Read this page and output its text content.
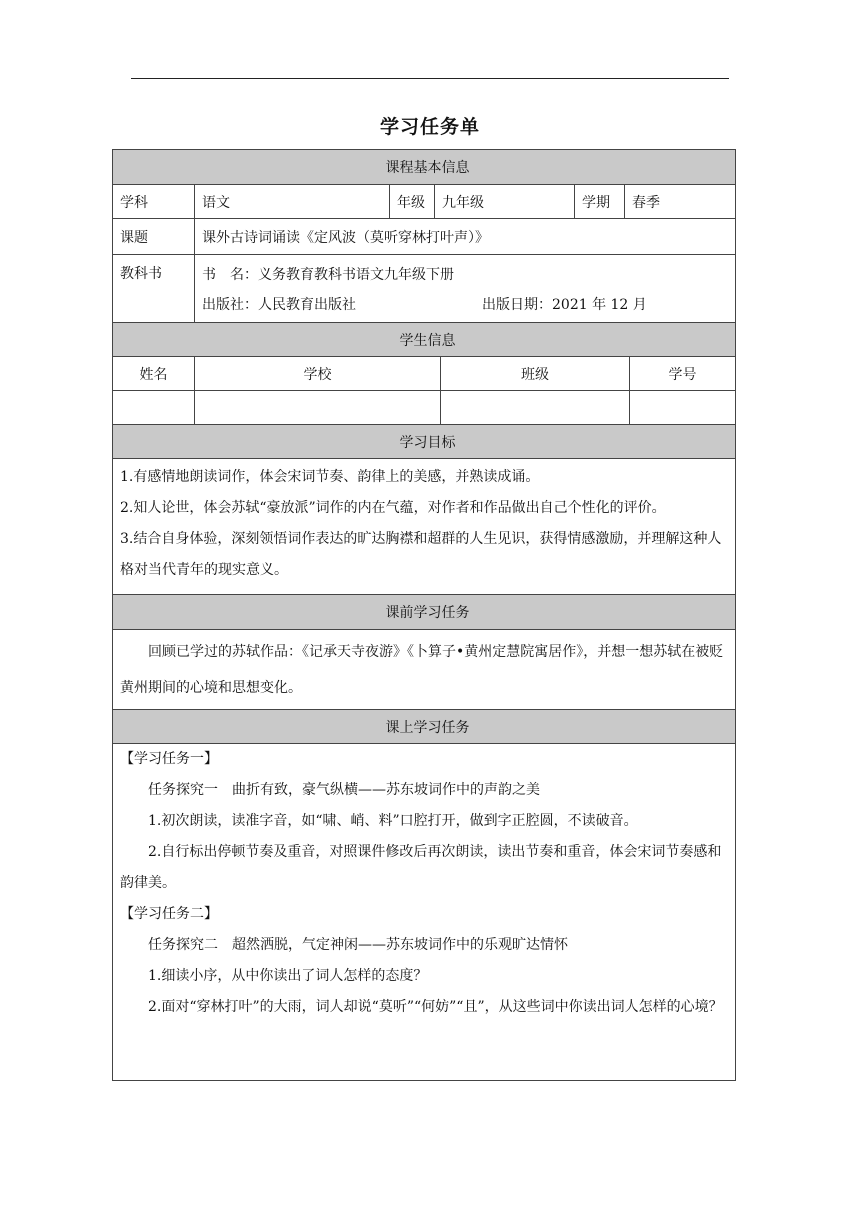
学习任务单
课程基本信息
学科	语文	年级	九年级	学期	春季
课题	课外古诗词诵读《定风波（莫听穿林打叶声）》
教科书	书　名：义务教育教科书语文九年级下册
出版社：人民教育出版社	出版日期：2021 年 12 月
学生信息
姓名	学校	班级	学号
学习目标

1.有感情地朗读词作，体会宋词节奏、韵律上的美感，并熟读成诵。

2.知人论世，体会苏轼“豪放派”词作的内在气蕴，对作者和作品做出自己个性化的评价。

3.结合自身体验，深刻领悟词作表达的旷达胸襟和超群的人生见识，获得情感激励，并理解这种人格对当代青年的现实意义。

课前学习任务

回顾已学过的苏轼作品：《记承天寺夜游》《卜算子•黄州定慧院寓居作》，并想一想苏轼在被贬黄州期间的心境和思想变化。

课上学习任务

【学习任务一】

任务探究一　曲折有致，豪气纵横——苏东坡词作中的声韵之美

1.初次朗读，读准字音，如“啸、峭、料”口腔打开，做到字正腔圆，不读破音。

2.自行标出停顿节奏及重音，对照课件修改后再次朗读，读出节奏和重音，体会宋词节奏感和韵律美。

【学习任务二】

任务探究二　超然洒脱，气定神闲——苏东坡词作中的乐观旷达情怀

1.细读小序，从中你读出了词人怎样的态度？

2.面对“穿林打叶”的大雨，词人却说“莫听”“何妨”“且”，从这些词中你读出词人怎样的心境？
